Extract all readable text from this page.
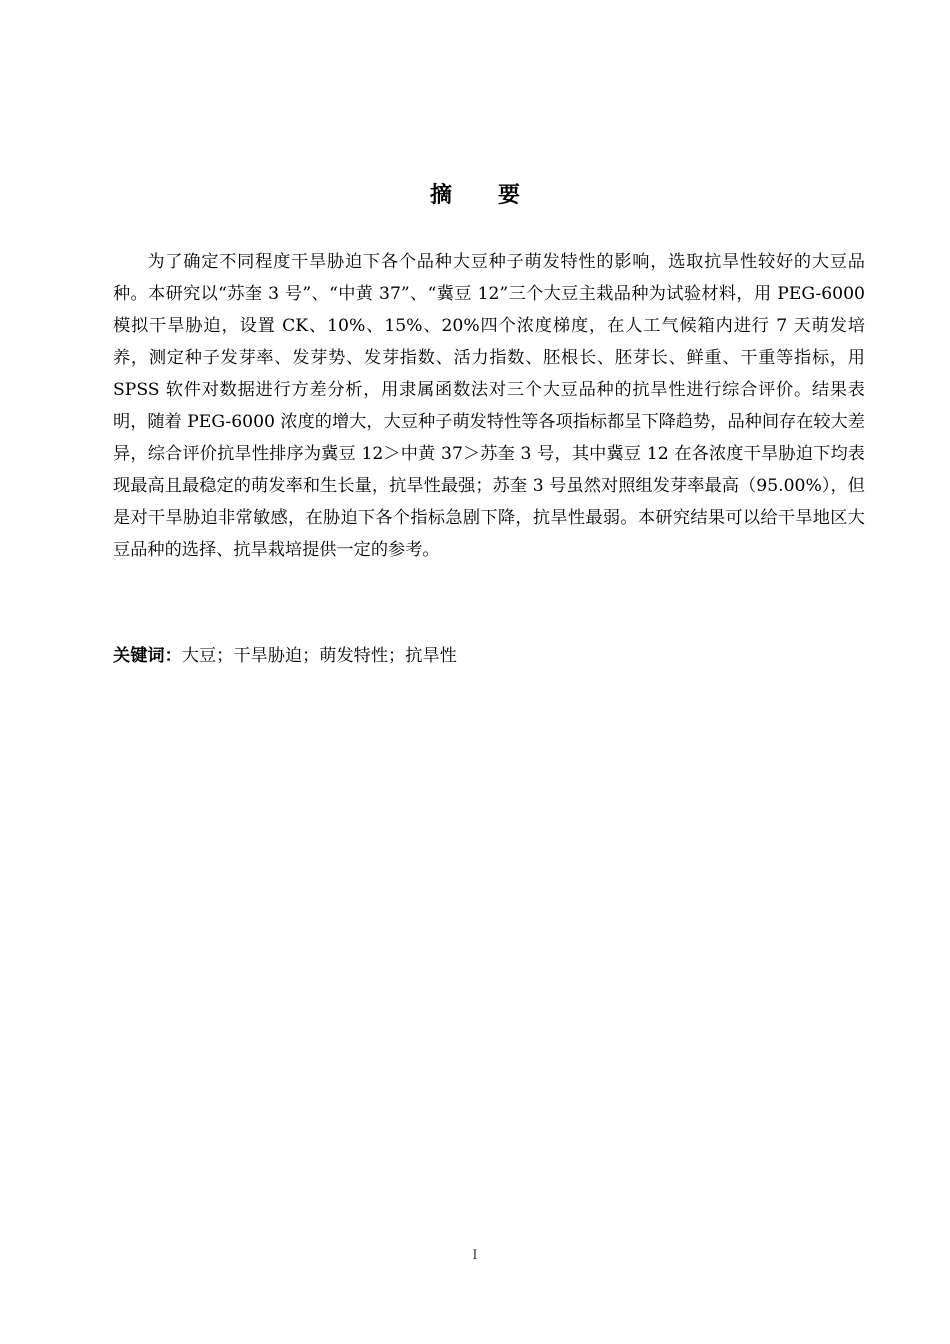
摘 要

为了确定不同程度干旱胁迫下各个品种大豆种子萌发特性的影响，选取抗旱性较好的大豆品种。本研究以“苏奎 3 号”、“中黄 37”、“冀豆 12”三个大豆主栽品种为试验材料，用 PEG-6000 模拟干旱胁迫，设置 CK、10%、15%、20%四个浓度梯度，在人工气候箱内进行 7 天萌发培养，测定种子发芽率、发芽势、发芽指数、活力指数、胚根长、胚芽长、鲜重、干重等指标，用 SPSS 软件对数据进行方差分析，用隶属函数法对三个大豆品种的抗旱性进行综合评价。结果表明，随着 PEG-6000 浓度的增大，大豆种子萌发特性等各项指标都呈下降趋势，品种间存在较大差异，综合评价抗旱性排序为冀豆 12＞中黄 37＞苏奎 3 号，其中冀豆 12 在各浓度干旱胁迫下均表现最高且最稳定的萌发率和生长量，抗旱性最强；苏奎 3 号虽然对照组发芽率最高（95.00%），但是对干旱胁迫非常敏感，在胁迫下各个指标急剧下降，抗旱性最弱。本研究结果可以给干旱地区大豆品种的选择、抗旱栽培提供一定的参考。

关键词：大豆；干旱胁迫；萌发特性；抗旱性

I
